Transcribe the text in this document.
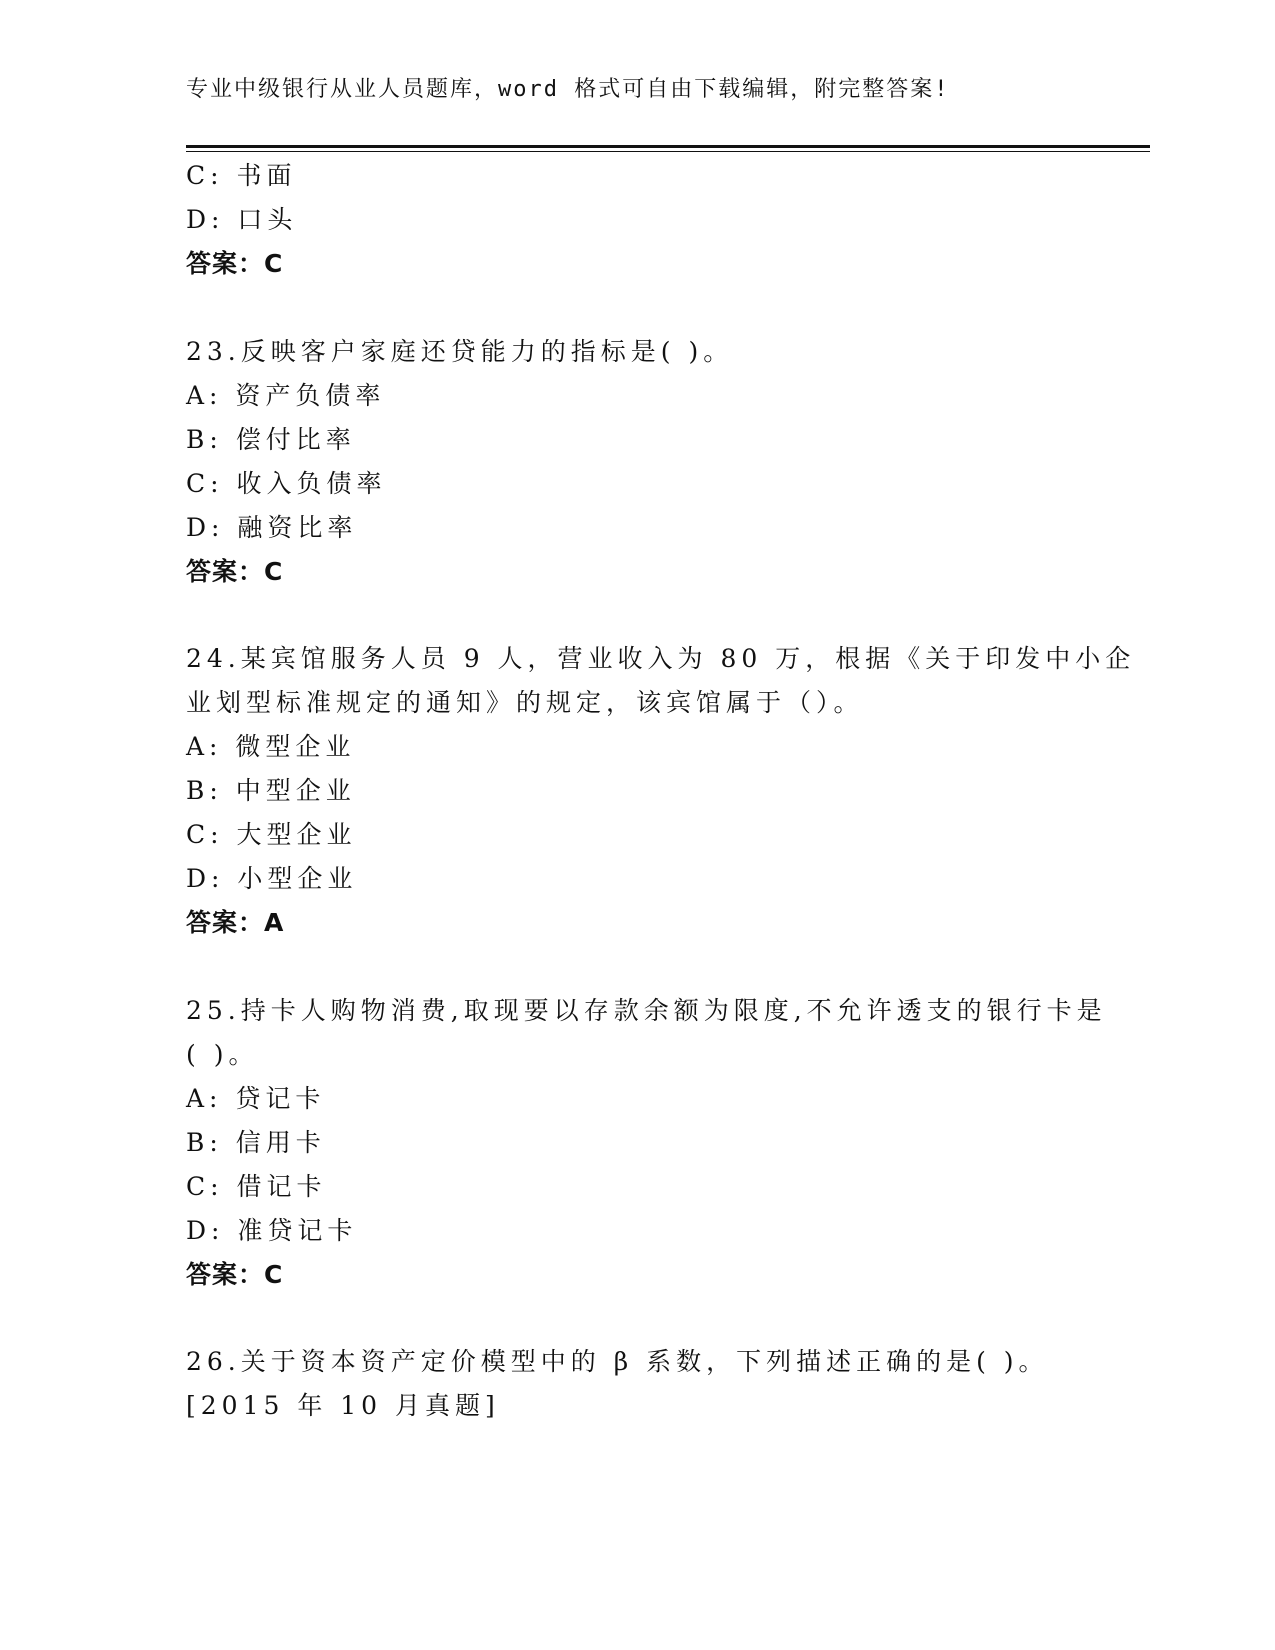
专业中级银行从业人员题库，word 格式可自由下载编辑，附完整答案!
C: 书面
D: 口头
答案：C
23.反映客户家庭还贷能力的指标是( )。
A: 资产负债率
B: 偿付比率
C: 收入负债率
D: 融资比率
答案：C
24.某宾馆服务人员 9 人，营业收入为 80 万，根据《关于印发中小企
业划型标准规定的通知》的规定，该宾馆属于（）。
A: 微型企业
B: 中型企业
C: 大型企业
D: 小型企业
答案：A
25.持卡人购物消费,取现要以存款余额为限度,不允许透支的银行卡是
( )。
A: 贷记卡
B: 信用卡
C: 借记卡
D: 准贷记卡
答案：C
26.关于资本资产定价模型中的 β 系数，下列描述正确的是( )。
[2015 年 10 月真题]
